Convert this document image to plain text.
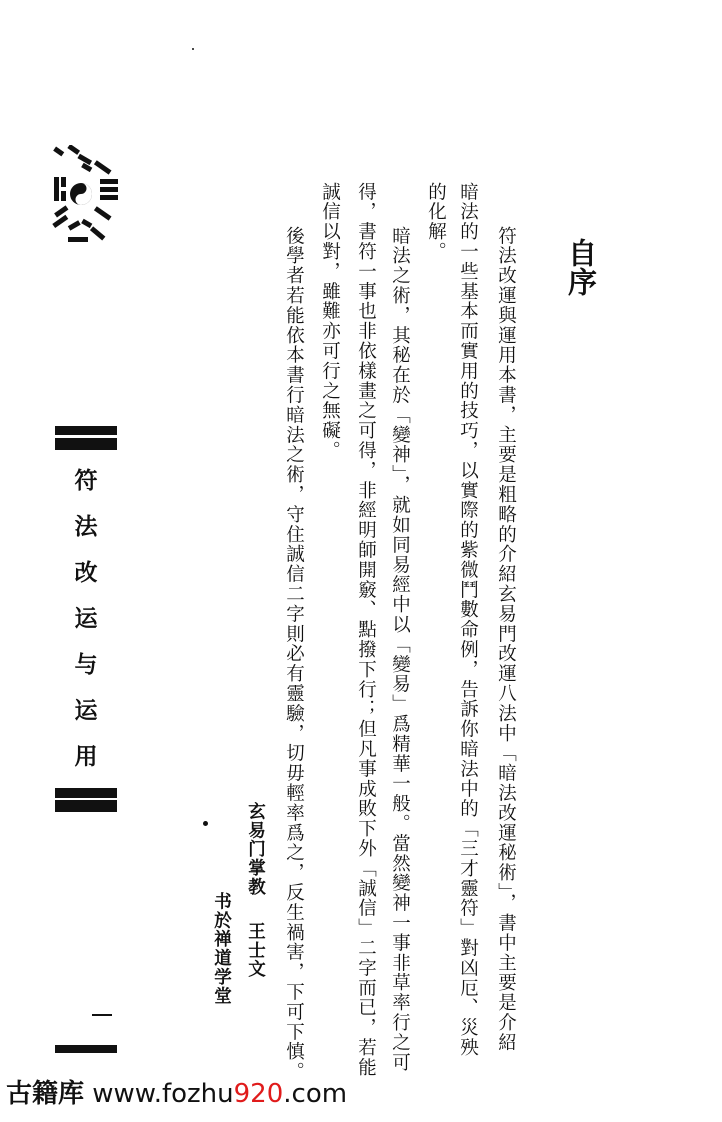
符
法
改
运
与
运
用
自序
符法改運與運用本書，主要是粗略的介紹玄易門改運八法中「暗法改運秘術」，書中主要是介紹
暗法的一些基本而實用的技巧，以實際的紫微鬥數命例，告訴你暗法中的「三才靈符」對凶厄、災殃
的化解。
暗法之術，其秘在於「變神」，就如同易經中以「變易」爲精華一般。當然變神一事非草率行之可
得，書符一事也非依樣畫之可得，非經明師開竅、點撥下行；但凡事成敗下外「誠信」二字而已，若能
誠信以對，雖難亦可行之無礙。
後學者若能依本書行暗法之術，守住誠信二字則必有靈驗，切毋輕率爲之，反生禍害，下可下慎。
玄易门掌教
王士文
书於禅道学堂
古籍库 www.fozhu920.com
